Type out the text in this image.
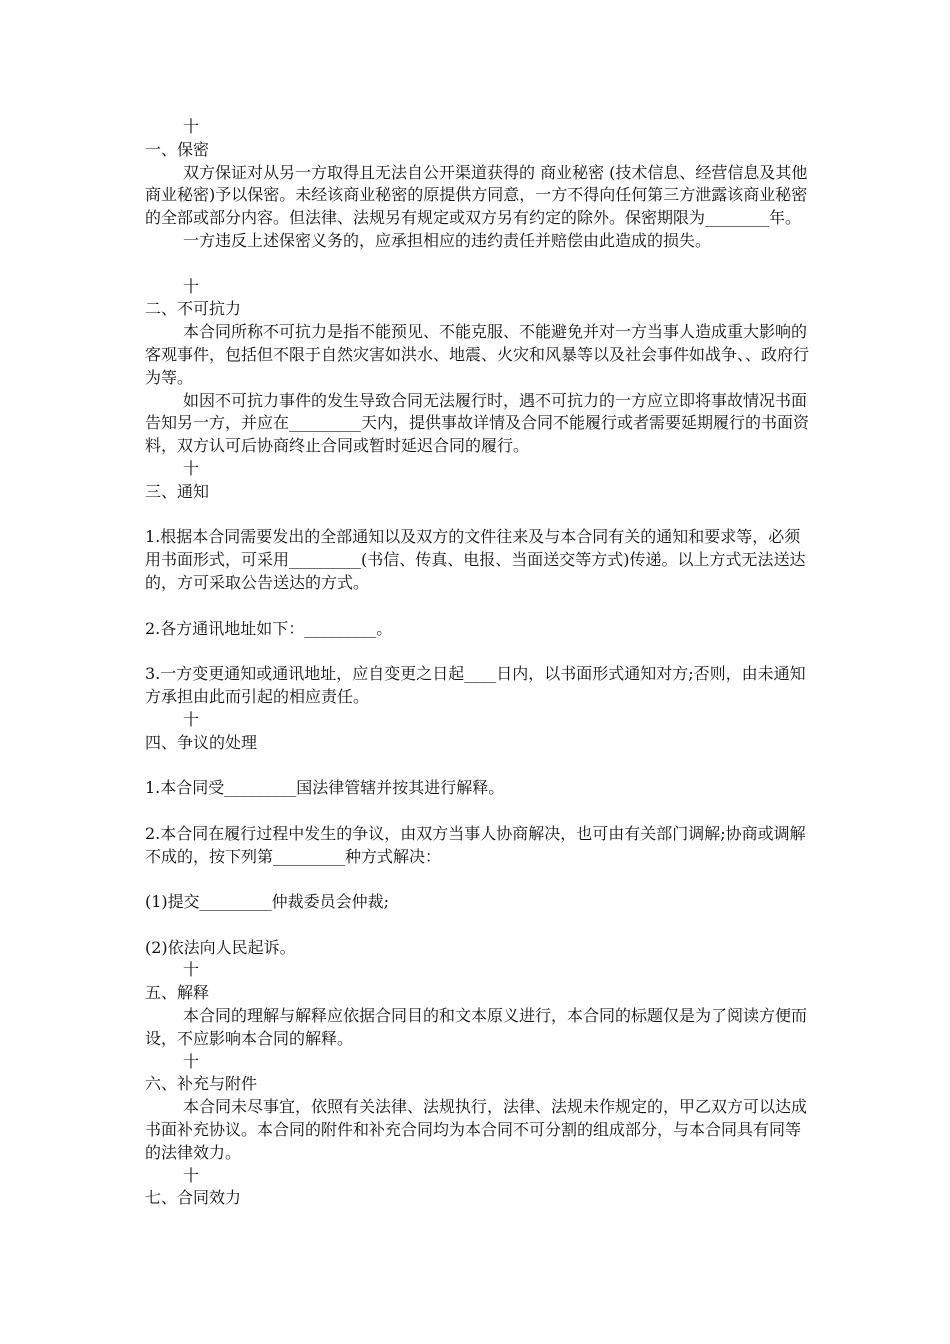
十

一、保密

双方保证对从另一方取得且无法自公开渠道获得的 商业秘密 (技术信息、经营信息及其他商业秘密)予以保密。未经该商业秘密的原提供方同意，一方不得向任何第三方泄露该商业秘密的全部或部分内容。但法律、法规另有规定或双方另有约定的除外。保密期限为________年。

一方违反上述保密义务的，应承担相应的违约责任并赔偿由此造成的损失。

十

二、不可抗力

本合同所称不可抗力是指不能预见、不能克服、不能避免并对一方当事人造成重大影响的客观事件，包括但不限于自然灾害如洪水、地震、火灾和风暴等以及社会事件如战争、、政府行为等。

如因不可抗力事件的发生导致合同无法履行时，遇不可抗力的一方应立即将事故情况书面告知另一方，并应在_________天内，提供事故详情及合同不能履行或者需要延期履行的书面资料，双方认可后协商终止合同或暂时延迟合同的履行。

十

三、通知

1.根据本合同需要发出的全部通知以及双方的文件往来及与本合同有关的通知和要求等，必须用书面形式，可采用_________(书信、传真、电报、当面送交等方式)传递。以上方式无法送达的，方可采取公告送达的方式。

2.各方通讯地址如下：_________。

3.一方变更通知或通讯地址，应自变更之日起____日内，以书面形式通知对方;否则，由未通知方承担由此而引起的相应责任。

十

四、争议的处理

1.本合同受_________国法律管辖并按其进行解释。

2.本合同在履行过程中发生的争议，由双方当事人协商解决，也可由有关部门调解;协商或调解不成的，按下列第_________种方式解决：

(1)提交_________仲裁委员会仲裁;

(2)依法向人民起诉。

十

五、解释

本合同的理解与解释应依据合同目的和文本原义进行，本合同的标题仅是为了阅读方便而设，不应影响本合同的解释。

十

六、补充与附件

本合同未尽事宜，依照有关法律、法规执行，法律、法规未作规定的，甲乙双方可以达成书面补充协议。本合同的附件和补充合同均为本合同不可分割的组成部分，与本合同具有同等的法律效力。

十

七、合同效力
